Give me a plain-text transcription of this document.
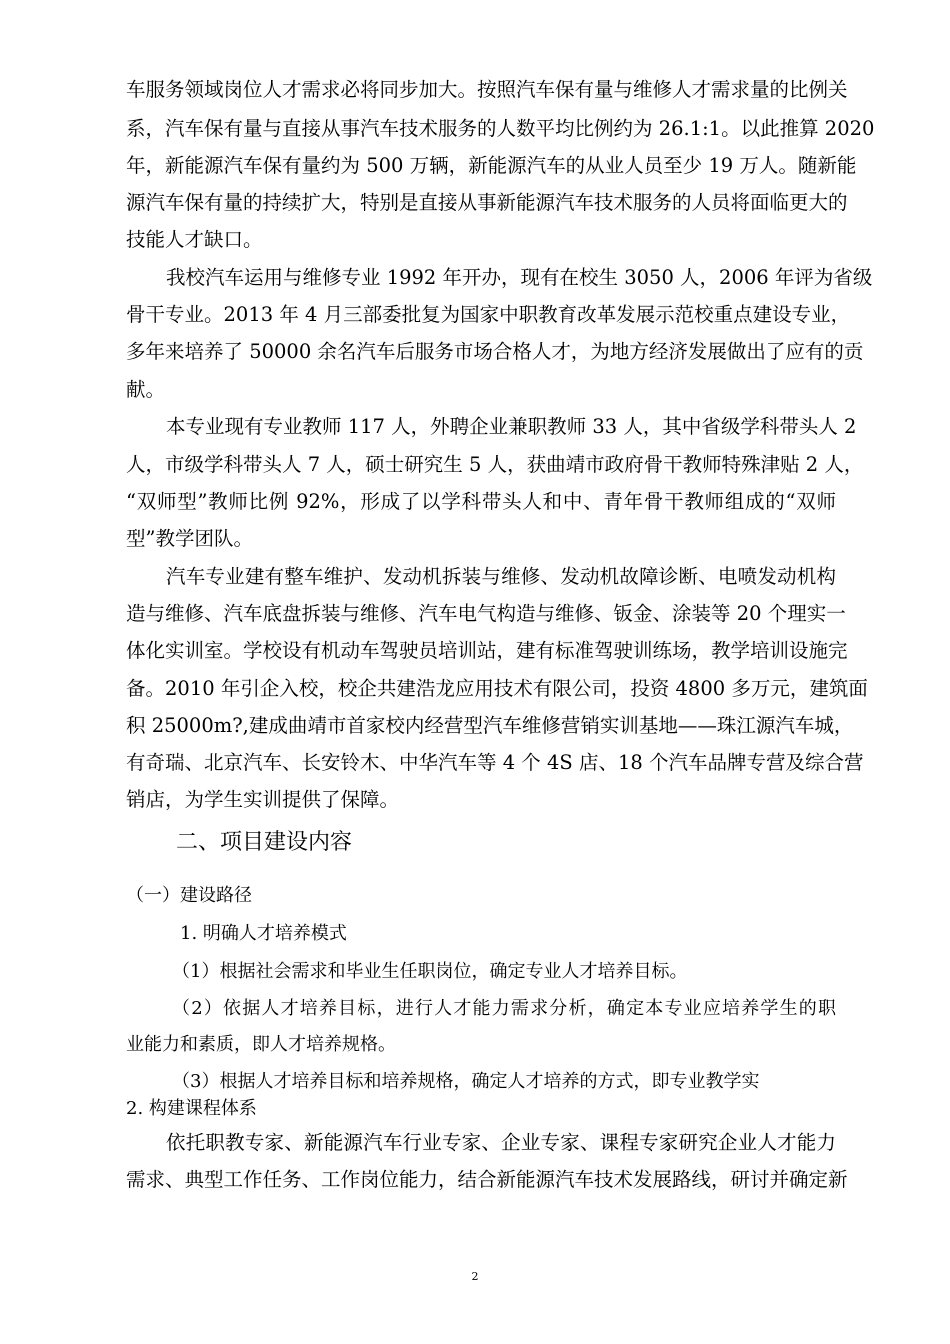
车服务领域岗位人才需求必将同步加大。按照汽车保有量与维修人才需求量的比例关
系，汽车保有量与直接从事汽车技术服务的人数平均比例约为 26.1:1。以此推算 2020
年，新能源汽车保有量约为 500 万辆，新能源汽车的从业人员至少 19 万人。随新能
源汽车保有量的持续扩大，特别是直接从事新能源汽车技术服务的人员将面临更大的
技能人才缺口。
我校汽车运用与维修专业 1992 年开办，现有在校生 3050 人，2006 年评为省级
骨干专业。2013 年 4 月三部委批复为国家中职教育改革发展示范校重点建设专业，
多年来培养了 50000 余名汽车后服务市场合格人才，为地方经济发展做出了应有的贡
献。
本专业现有专业教师 117 人，外聘企业兼职教师 33 人，其中省级学科带头人 2
人，市级学科带头人 7 人，硕士研究生 5 人，获曲靖市政府骨干教师特殊津贴 2 人，
“双师型”教师比例 92%，形成了以学科带头人和中、青年骨干教师组成的“双师
型”教学团队。
汽车专业建有整车维护、发动机拆装与维修、发动机故障诊断、电喷发动机构
造与维修、汽车底盘拆装与维修、汽车电气构造与维修、钣金、涂装等 20 个理实一
体化实训室。学校设有机动车驾驶员培训站，建有标准驾驶训练场，教学培训设施完
备。2010 年引企入校，校企共建浩龙应用技术有限公司，投资 4800 多万元，建筑面
积 25000m?,建成曲靖市首家校内经营型汽车维修营销实训基地——珠江源汽车城，
有奇瑞、北京汽车、长安铃木、中华汽车等 4 个 4S 店、18 个汽车品牌专营及综合营
销店，为学生实训提供了保障。
二、项目建设内容
（一）建设路径
1. 明确人才培养模式
（1）根据社会需求和毕业生任职岗位，确定专业人才培养目标。
（2）依据人才培养目标，进行人才能力需求分析，确定本专业应培养学生的职
业能力和素质，即人才培养规格。
（3）根据人才培养目标和培养规格，确定人才培养的方式，即专业教学实
2. 构建课程体系
依托职教专家、新能源汽车行业专家、企业专家、课程专家研究企业人才能力
需求、典型工作任务、工作岗位能力，结合新能源汽车技术发展路线，研讨并确定新
2
